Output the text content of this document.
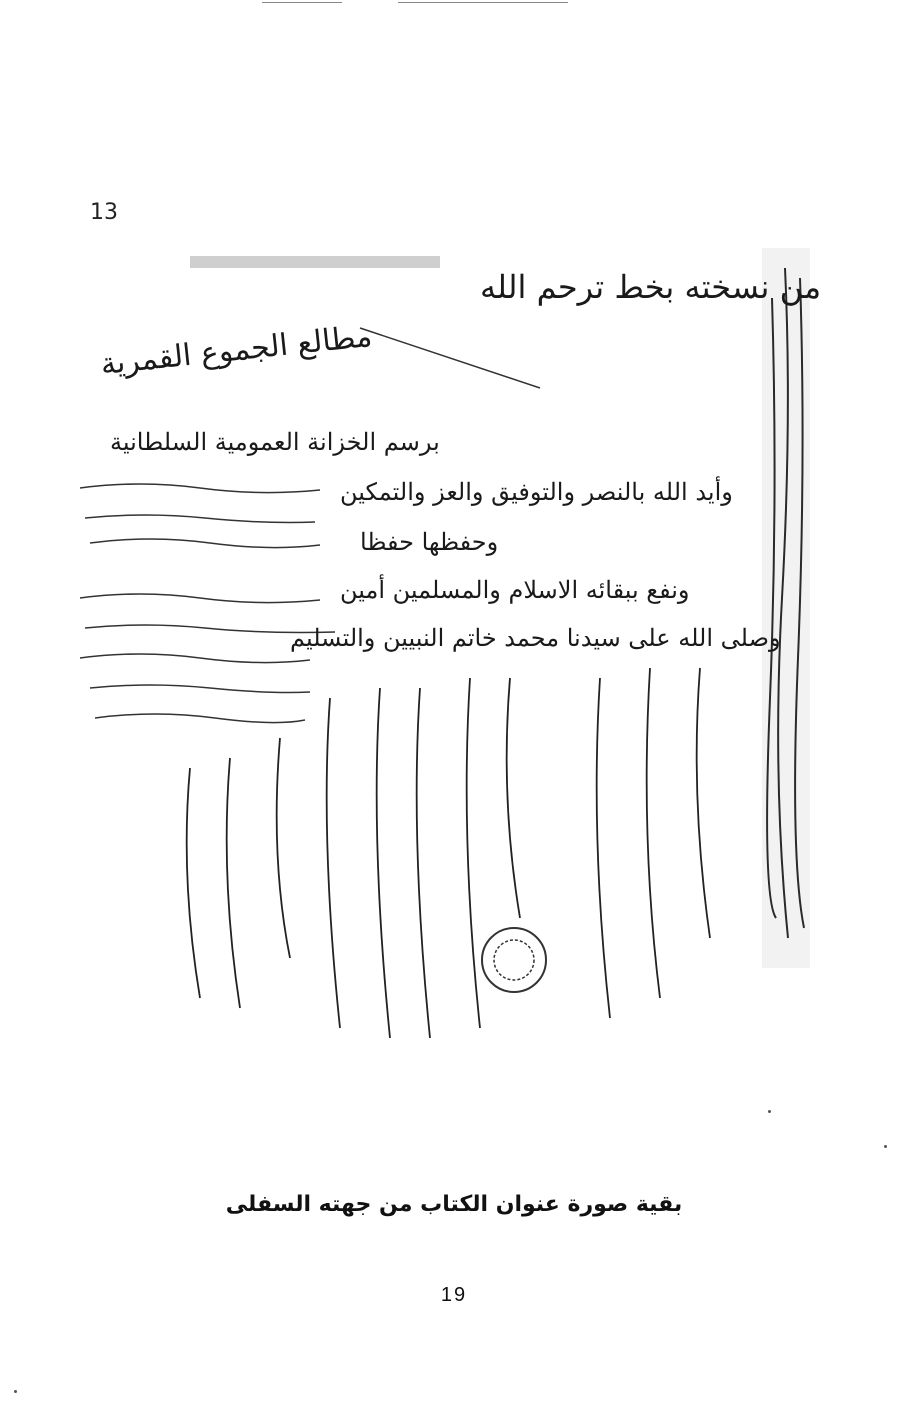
13
من نسخته بخط ترحم الله
مطالع الجموع القمرية
برسم الخزانة العمومية السلطانية
وأيد الله بالنصر والتوفيق والعز والتمكين
وحفظها حفظا
ونفع ببقائه الاسلام والمسلمين أمين
وصلى الله على سيدنا محمد خاتم النبيين والتسليم
بقية صورة عنوان الكتاب من جهته السفلى
19
